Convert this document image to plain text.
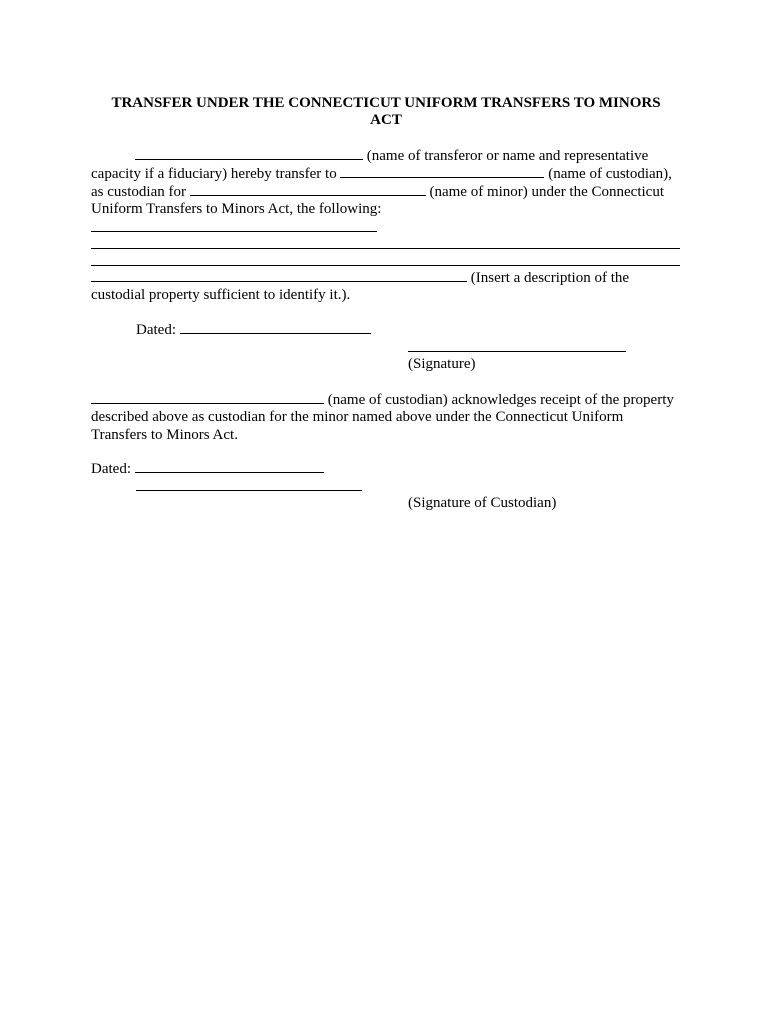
TRANSFER UNDER THE CONNECTICUT UNIFORM TRANSFERS TO MINORS
ACT
(name of transferor or name and representative
capacity if a fiduciary) hereby transfer to	(name of custodian),
as custodian for	(name of minor) under the Connecticut
Uniform Transfers to Minors Act, the following:
(Insert a description of the
custodial property sufficient to identify it.).
Dated:
(Signature)
(name of custodian) acknowledges receipt of the property
described above as custodian for the minor named above under the Connecticut Uniform
Transfers to Minors Act.
Dated:
(Signature of Custodian)
